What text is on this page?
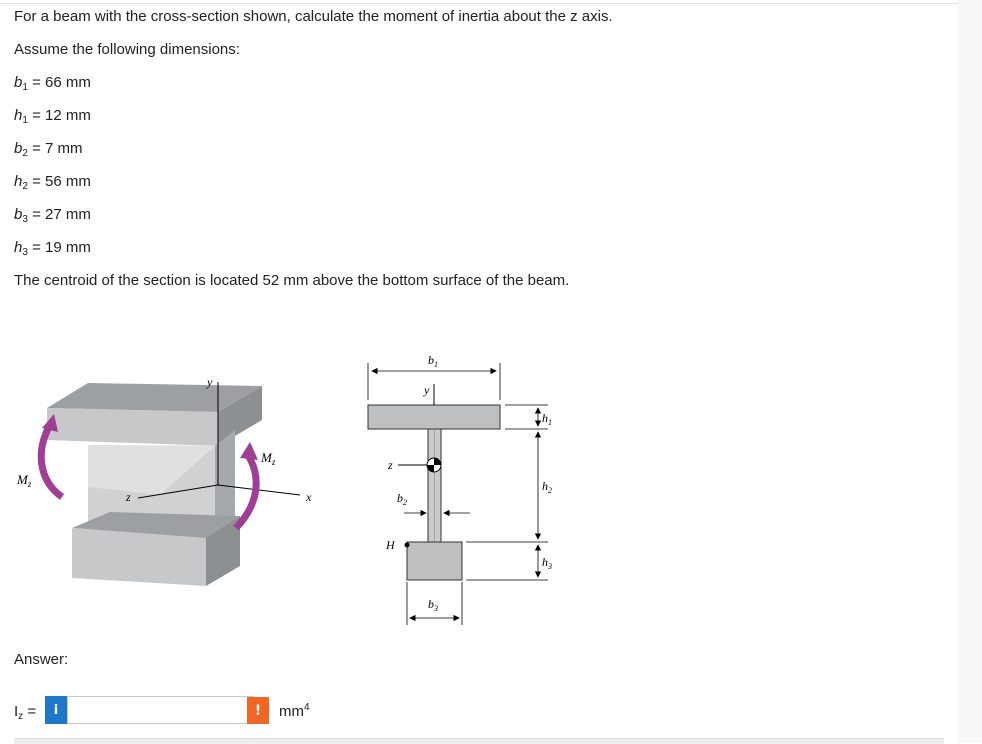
For a beam with the cross-section shown, calculate the moment of inertia about the z axis.
Assume the following dimensions:
$b_1 = 66$ mm
$h_1 = 12$ mm
$b_2 = 7$ mm
$h_2 = 56$ mm
$b_3 = 27$ mm
$h_3 = 19$ mm
The centroid of the section is located 52 mm above the bottom surface of the beam.
y
x
z
$M_z$
$M_z$
$b_1$
y
z
$b_2$
H
$b_3$
$h_1$
$h_2$
$h_3$
Answer:
$I_z$ =	i	!	$mm^4$
